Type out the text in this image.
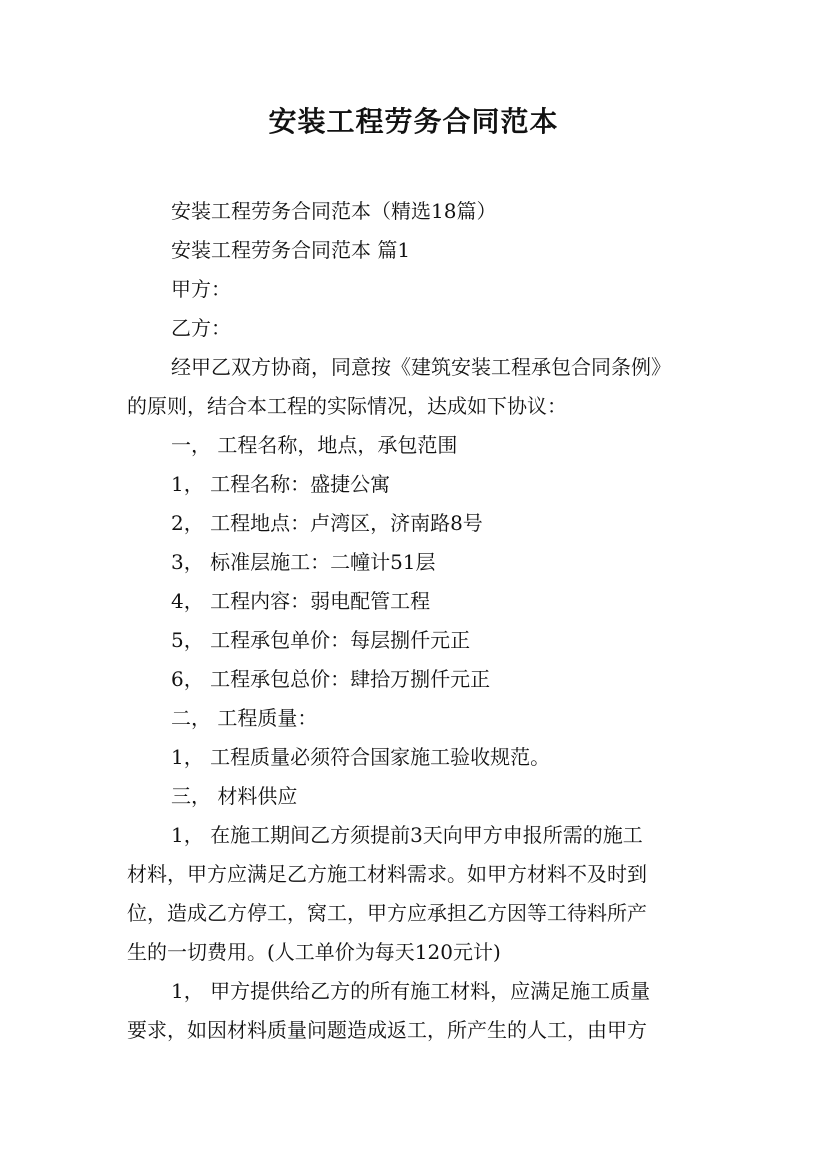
安装工程劳务合同范本
安装工程劳务合同范本（精选18篇）
安装工程劳务合同范本 篇1
甲方：
乙方：
经甲乙双方协商，同意按《建筑安装工程承包合同条例》
的原则，结合本工程的实际情况，达成如下协议：
一， 工程名称，地点，承包范围
1， 工程名称：盛捷公寓
2， 工程地点：卢湾区，济南路8号
3， 标准层施工：二幢计51层
4， 工程内容：弱电配管工程
5， 工程承包单价：每层捌仟元正
6， 工程承包总价：肆拾万捌仟元正
二， 工程质量：
1， 工程质量必须符合国家施工验收规范。
三， 材料供应
1， 在施工期间乙方须提前3天向甲方申报所需的施工
材料，甲方应满足乙方施工材料需求。如甲方材料不及时到
位，造成乙方停工，窝工，甲方应承担乙方因等工待料所产
生的一切费用。(人工单价为每天120元计)
1， 甲方提供给乙方的所有施工材料，应满足施工质量
要求，如因材料质量问题造成返工，所产生的人工，由甲方
